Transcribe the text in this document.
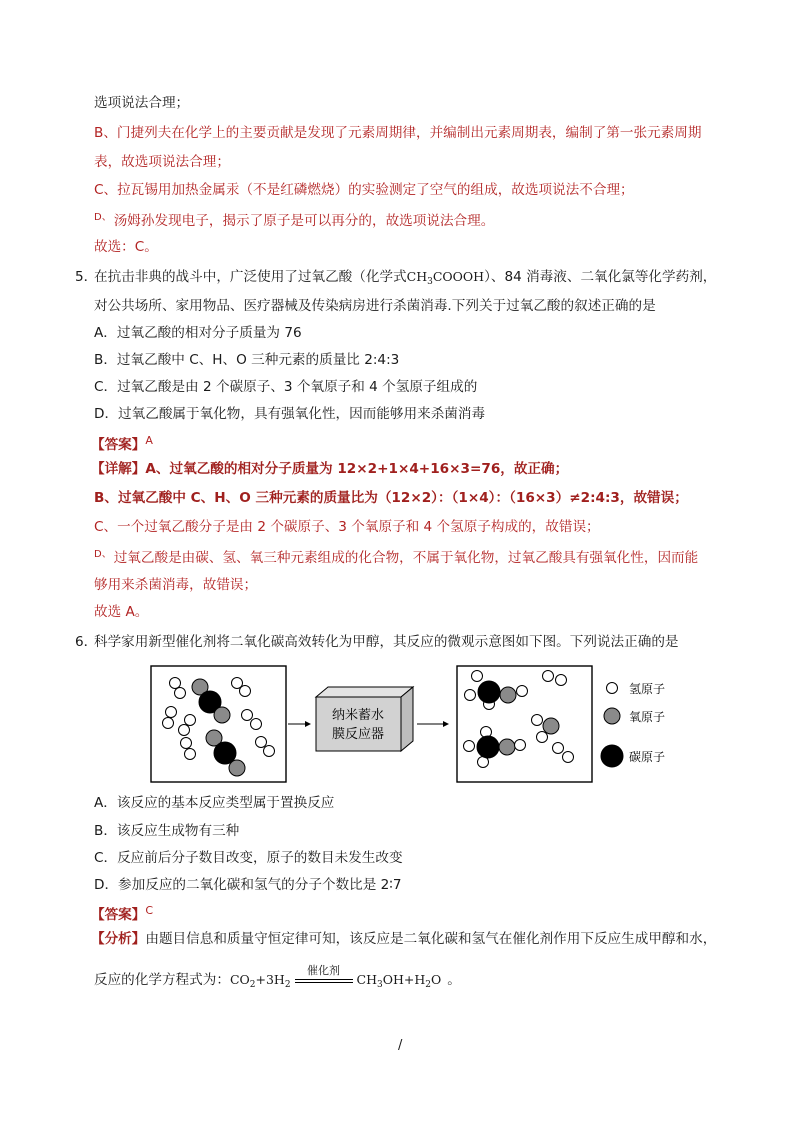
选项说法合理；
B、门捷列夫在化学上的主要贡献是发现了元素周期律，并编制出元素周期表，编制了第一张元素周期
表，故选项说法合理；
C、拉瓦锡用加热金属汞（不是红磷燃烧）的实验测定了空气的组成，故选项说法不合理；
$^{D、}$ 汤姆孙发现电子，揭示了原子是可以再分的，故选项说法合理。
故选：C。
5．
在抗击非典的战斗中，广泛使用了过氧乙酸（化学式$CH_3COOOH$）、84 消毒液、二氧化氯等化学药剂，
对公共场所、家用物品、医疗器械及传染病房进行杀菌消毒.下列关于过氧乙酸的叙述正确的是
A．过氧乙酸的相对分子质量为 76
B．过氧乙酸中 C、H、O 三种元素的质量比 2:4:3
C．过氧乙酸是由 2 个碳原子、3 个氧原子和 4 个氢原子组成的
D．过氧乙酸属于氧化物，具有强氧化性，因而能够用来杀菌消毒
【答案】$^A$
【详解】A、过氧乙酸的相对分子质量为 12×2+1×4+16×3=76，故正确；
B、过氧乙酸中 C、H、O 三种元素的质量比为（12×2）：（1×4）：（16×3）≠2:4:3，故错误；
C、一个过氧乙酸分子是由 2 个碳原子、3 个氧原子和 4 个氢原子构成的，故错误；
$^{D、}$ 过氧乙酸是由碳、氢、氧三种元素组成的化合物，不属于氧化物，过氧乙酸具有强氧化性，因而能
够用来杀菌消毒，故错误；
故选 A。
6．
科学家用新型催化剂将二氧化碳高效转化为甲醇，其反应的微观示意图如下图。下列说法正确的是
纳米蓄水
膜反应器
氢原子
氧原子
碳原子
A．该反应的基本反应类型属于置换反应
B．该反应生成物有三种
C．反应前后分子数目改变，原子的数目未发生改变
D．参加反应的二氧化碳和氢气的分子个数比是 2∶7
【答案】$^C$
【分析】由题目信息和质量守恒定律可知，该反应是二氧化碳和氢气在催化剂作用下反应生成甲醇和水，
反应的化学方程式为：$CO_2+3H_2$
催化剂
$CH_3OH+H_2O$ 。
/
